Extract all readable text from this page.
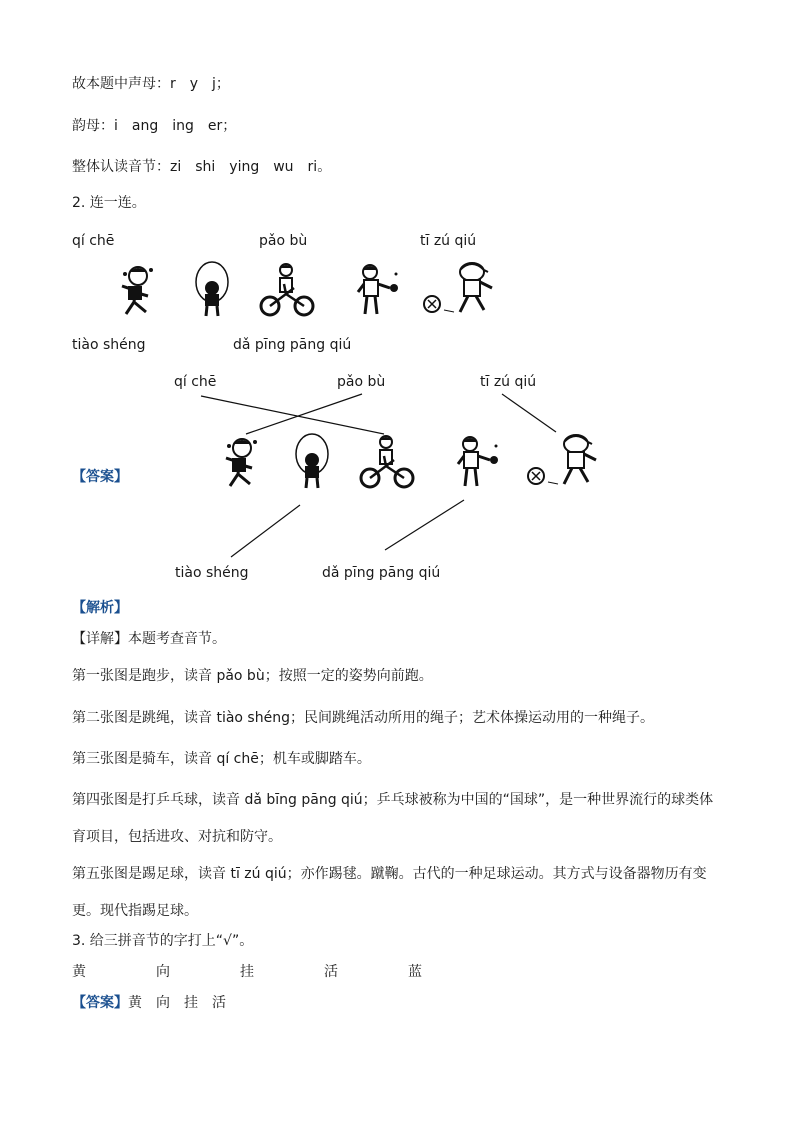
故本题中声母：r　y　j；
韵母：i　ang　ing　er；
整体认读音节：zi　shi　ying　wu　ri。
2. 连一连。
qí chē	pǎo bù	tī zú qiú
tiào shéng	dǎ pīng pāng qiú
qí chē	pǎo bù	tī zú qiú
【答案】
tiào shéng	dǎ pīng pāng qiú
【解析】
【详解】本题考查音节。
第一张图是跑步，读音 pǎo bù；按照一定的姿势向前跑。
第二张图是跳绳，读音 tiào shéng；民间跳绳活动所用的绳子；艺术体操运动用的一种绳子。
第三张图是骑车，读音 qí chē；机车或脚踏车。
第四张图是打乒乓球，读音 dǎ bīng pāng qiú；乒乓球被称为中国的“国球”，是一种世界流行的球类体
育项目，包括进攻、对抗和防守。
第五张图是踢足球，读音 tī zú qiú；亦作踢毬。蹴鞠。古代的一种足球运动。其方式与设备器物历有变
更。现代指踢足球。
3. 给三拼音节的字打上“√”。
黄	向	挂	活	蓝
【答案】黄　向　挂　活
